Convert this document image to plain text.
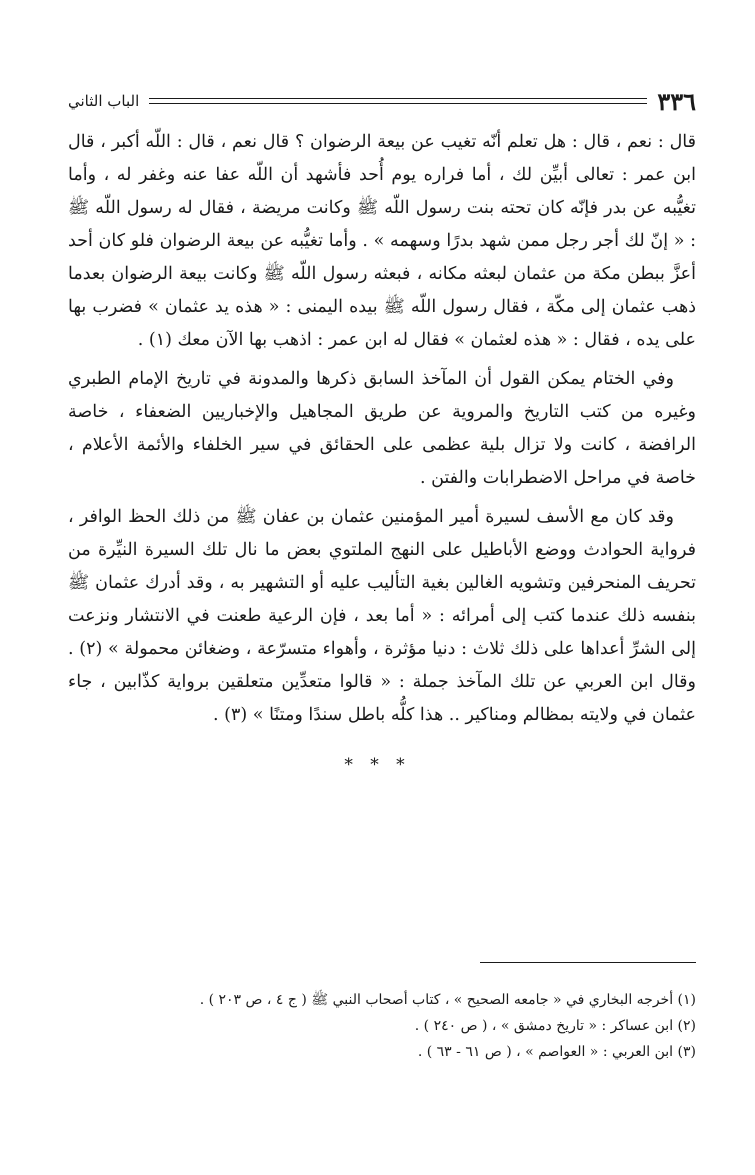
٣٣٦
الباب الثاني

قال : نعم ، قال : هل تعلم أنّه تغيب عن بيعة الرضوان ؟ قال نعم ، قال : اللّه أكبر ، قال ابن عمر : تعالى أبيِّن لك ، أما فراره يوم أُحد فأشهد أن اللّه عفا عنه وغفر له ، وأما تغيُّبه عن بدر فإنّه كان تحته بنت رسول اللّه ﷺ وكانت مريضة ، فقال له رسول اللّه ﷺ : « إنّ لك أجر رجل ممن شهد بدرًا وسهمه » . وأما تغيُّبه عن بيعة الرضوان فلو كان أحد أعزَّ ببطن مكة من عثمان لبعثه مكانه ، فبعثه رسول اللّه ﷺ وكانت بيعة الرضوان بعدما ذهب عثمان إلى مكّة ، فقال رسول اللّه ﷺ بيده اليمنى : « هذه يد عثمان » فضرب بها على يده ، فقال : « هذه لعثمان » فقال له ابن عمر : اذهب بها الآن معك (١) .

وفي الختام يمكن القول أن المآخذ السابق ذكرها والمدونة في تاريخ الإمام الطبري وغيره من كتب التاريخ والمروية عن طريق المجاهيل والإخباريين الضعفاء ، خاصة الرافضة ، كانت ولا تزال بلية عظمى على الحقائق في سير الخلفاء والأئمة الأعلام ، خاصة في مراحل الاضطرابات والفتن .

وقد كان مع الأسف لسيرة أمير المؤمنين عثمان بن عفان ﷺ من ذلك الحظ الوافر ، فرواية الحوادث ووضع الأباطيل على النهج الملتوي بعض ما نال تلك السيرة النيِّرة من تحريف المنحرفين وتشويه الغالين بغية التأليب عليه أو التشهير به ، وقد أدرك عثمان ﷺ بنفسه ذلك عندما كتب إلى أمرائه : « أما بعد ، فإن الرعية طعنت في الانتشار ونزعت إلى الشرِّ أعداها على ذلك ثلاث : دنيا مؤثرة ، وأهواء متسرّعة ، وضغائن محمولة » (٢) . وقال ابن العربي عن تلك المآخذ جملة : « قالوا متعدِّين متعلقين برواية كذّابين ، جاء عثمان في ولايته بمظالم ومناكير .. هذا كلُّه باطل سندًا ومتنًا » (٣) .

* * *

(١) أخرجه البخاري في « جامعه الصحيح » ، كتاب أصحاب النبي ﷺ ( ج ٤ ، ص ٢٠٣ ) .

(٢) ابن عساكر : « تاريخ دمشق » ، ( ص ٢٤٠ ) .

(٣) ابن العربي : « العواصم » ، ( ص ٦١ - ٦٣ ) .
